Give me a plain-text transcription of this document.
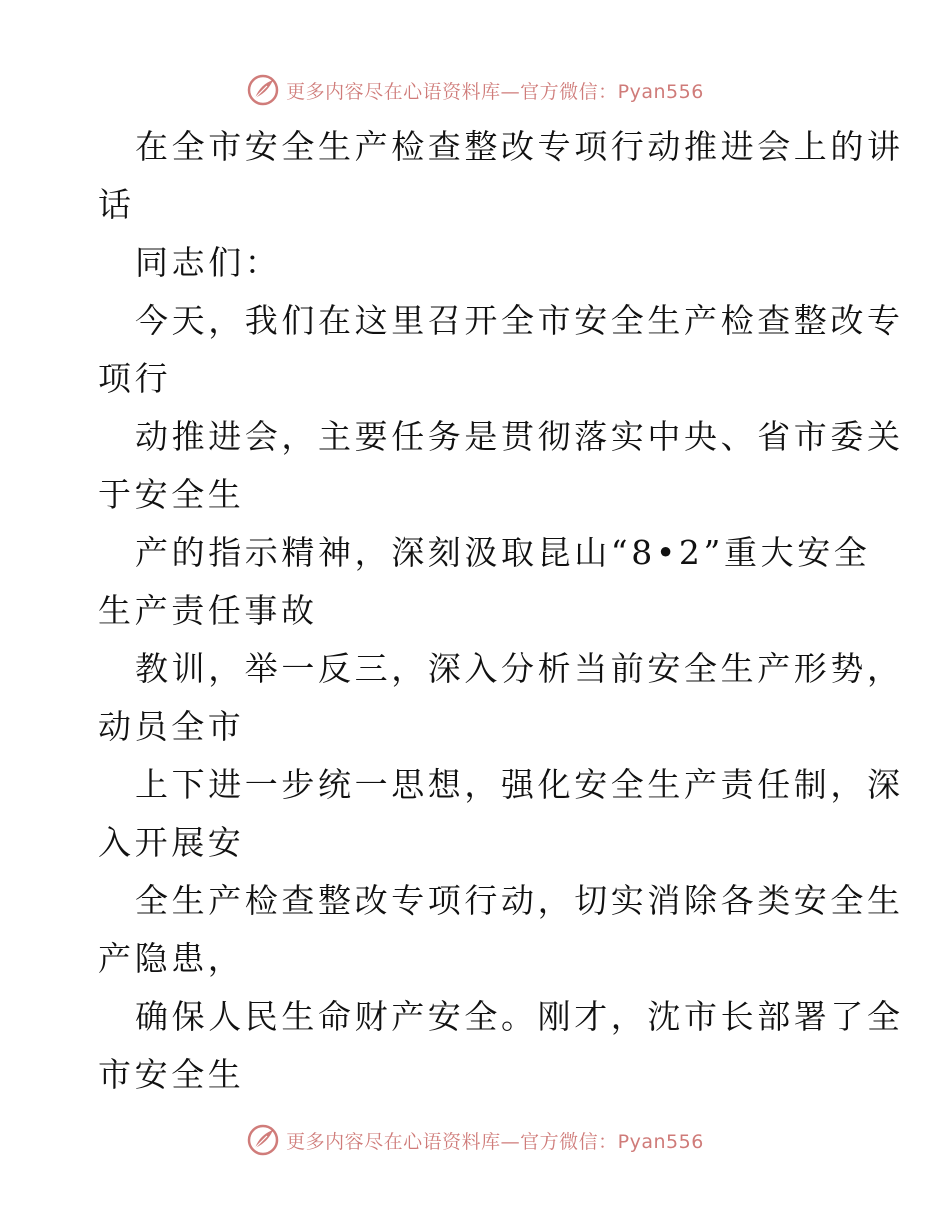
更多内容尽在心语资料库—官方微信：Pyan556
在全市安全生产检查整改专项行动推进会上的讲
话
同志们：
今天，我们在这里召开全市安全生产检查整改专
项行
动推进会，主要任务是贯彻落实中央、省市委关
于安全生
产的指示精神，深刻汲取昆山“8•2”重大安全
生产责任事故
教训，举一反三，深入分析当前安全生产形势，
动员全市
上下进一步统一思想，强化安全生产责任制，深
入开展安
全生产检查整改专项行动，切实消除各类安全生
产隐患，
确保人民生命财产安全。刚才，沈市长部署了全
市安全生
更多内容尽在心语资料库—官方微信：Pyan556
